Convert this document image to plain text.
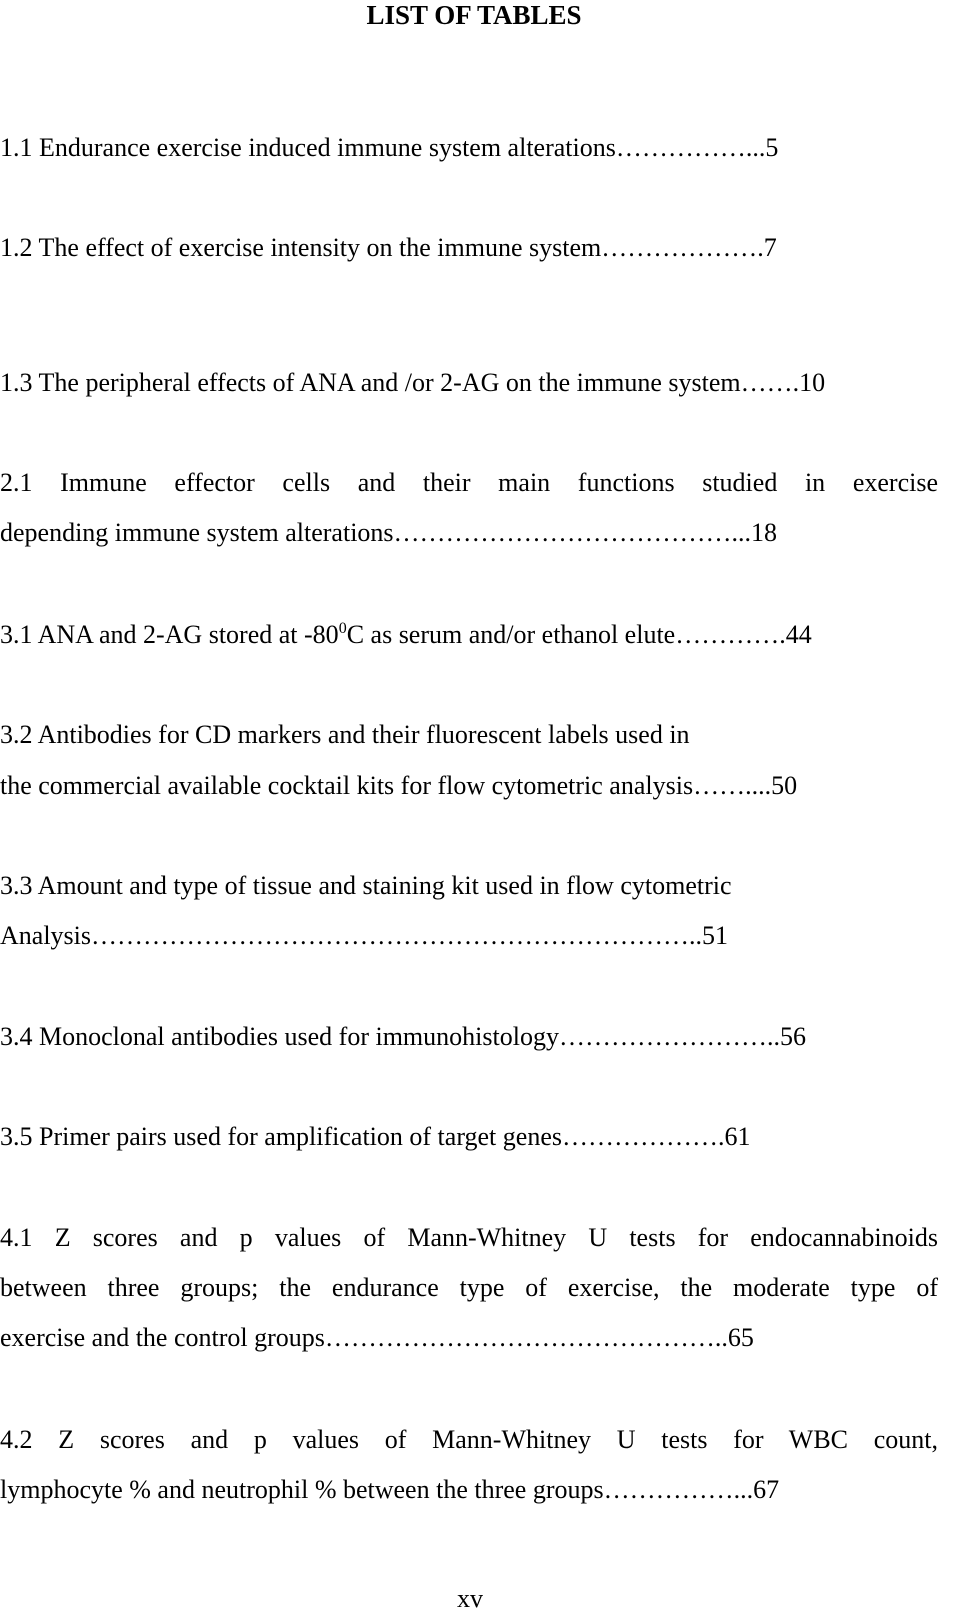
LIST OF TABLES
1.1 Endurance exercise induced immune system alterations……………...5
1.2 The effect of exercise intensity on the immune system……………….7
1.3 The peripheral effects of ANA and /or 2-AG on the immune system…….10
2.1 Immune effector cells and their main functions studied in exercise
depending immune system alterations…………………………………...18
3.1 ANA and 2-AG stored at $-80^0C$ as serum and/or ethanol elute………….44
3.2 Antibodies for CD markers and their fluorescent labels used in
the commercial available cocktail kits for flow cytometric analysis……....50
3.3 Amount and type of tissue and staining kit used in flow cytometric
Analysis……………………………………………………………..51
3.4 Monoclonal antibodies used for immunohistology……………………..56
3.5 Primer pairs used for amplification of target genes……………….61
4.1 Z scores and p values of Mann-Whitney U tests for endocannabinoids
between three groups; the endurance type of exercise, the moderate type of
exercise and the control groups………………………………………..65
4.2 Z scores and p values of Mann-Whitney U tests for WBC count,
lymphocyte % and neutrophil % between the three groups……………...67
xv
